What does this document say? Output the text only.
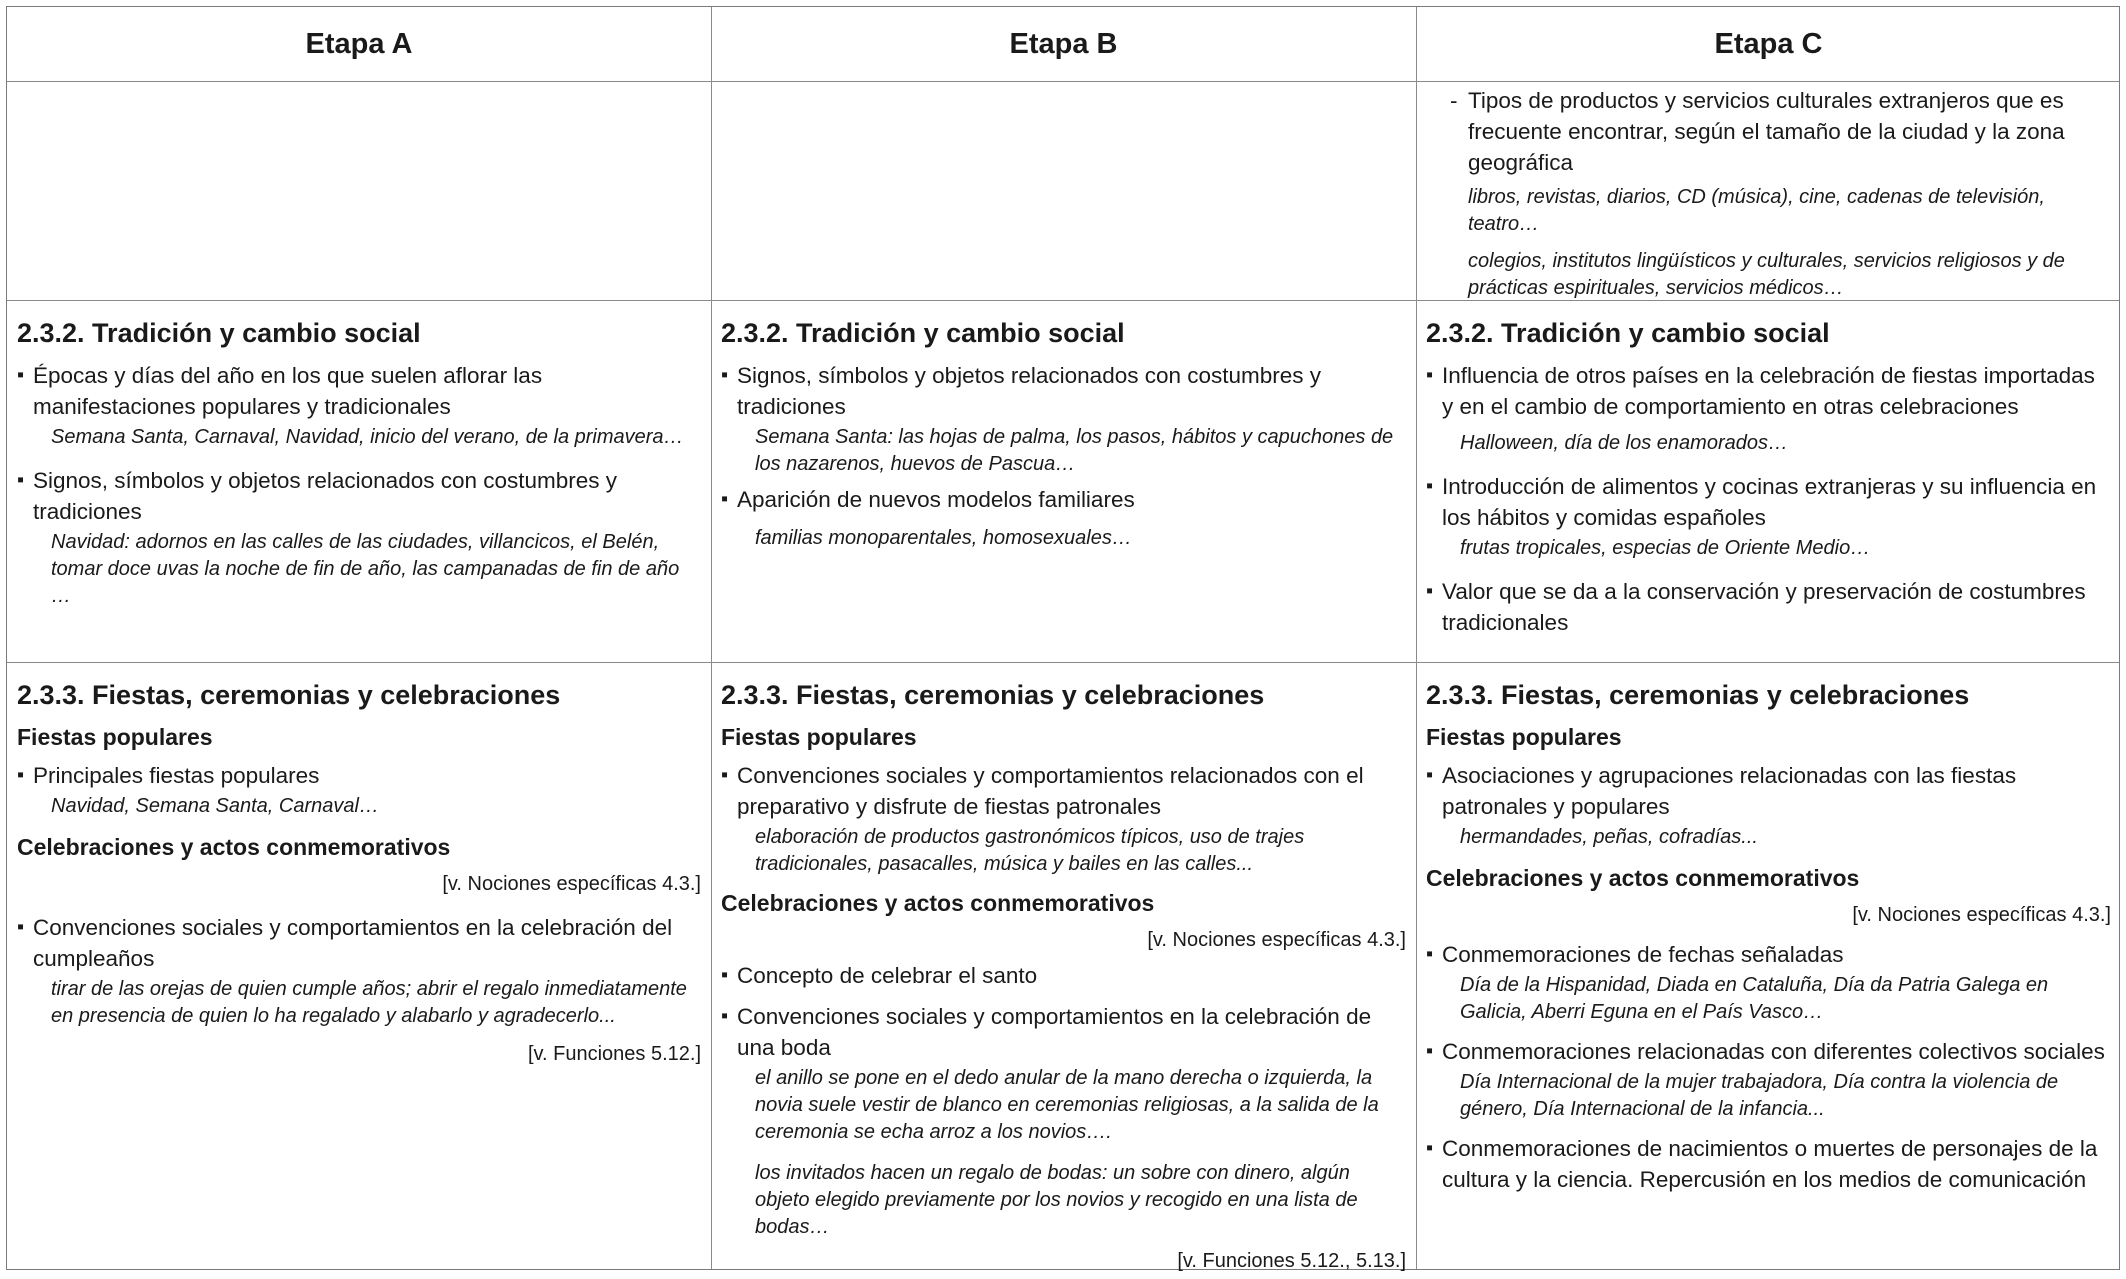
Etapa A	Etapa B	Etapa C
- Tipos de productos y servicios culturales extranjeros que es frecuente encontrar, según el tamaño de la ciudad y la zona geográfica
libros, revistas, diarios, CD (música), cine, cadenas de televisión, teatro…
colegios, institutos lingüísticos y culturales, servicios religiosos y de prácticas espirituales, servicios médicos…
2.3.2. Tradición y cambio social
▪ Épocas y días del año en los que suelen aflorar las manifestaciones populares y tradicionales
Semana Santa, Carnaval, Navidad, inicio del verano, de la primavera…
▪ Signos, símbolos y objetos relacionados con costumbres y tradiciones
Navidad: adornos en las calles de las ciudades, villancicos, el Belén, tomar doce uvas la noche de fin de año, las campanadas de fin de año …
2.3.2. Tradición y cambio social
▪ Signos, símbolos y objetos relacionados con costumbres y tradiciones
Semana Santa: las hojas de palma, los pasos, hábitos y capuchones de los nazarenos, huevos de Pascua…
▪ Aparición de nuevos modelos familiares
familias monoparentales, homosexuales…
2.3.2. Tradición y cambio social
▪ Influencia de otros países en la celebración de fiestas importadas y en el cambio de comportamiento en otras celebraciones
Halloween, día de los enamorados…
▪ Introducción de alimentos y cocinas extranjeras y su influencia en los hábitos y comidas españoles
frutas tropicales, especias de Oriente Medio…
▪ Valor que se da a la conservación y preservación de costumbres tradicionales
2.3.3. Fiestas, ceremonias y celebraciones
Fiestas populares
▪ Principales fiestas populares
Navidad, Semana Santa, Carnaval…
Celebraciones y actos conmemorativos
[v. Nociones específicas 4.3.]
▪ Convenciones sociales y comportamientos en la celebración del cumpleaños
tirar de las orejas de quien cumple años; abrir el regalo inmediatamente en presencia de quien lo ha regalado y alabarlo y agradecerlo...
[v. Funciones 5.12.]
2.3.3. Fiestas, ceremonias y celebraciones
Fiestas populares
▪ Convenciones sociales y comportamientos relacionados con el preparativo y disfrute de fiestas patronales
elaboración de productos gastronómicos típicos, uso de trajes tradicionales, pasacalles, música y bailes en las calles...
Celebraciones y actos conmemorativos
[v. Nociones específicas 4.3.]
▪ Concepto de celebrar el santo
▪ Convenciones sociales y comportamientos en la celebración de una boda
el anillo se pone en el dedo anular de la mano derecha o izquierda, la novia suele vestir de blanco en ceremonias religiosas, a la salida de la ceremonia se echa arroz a los novios….
los invitados hacen un regalo de bodas: un sobre con dinero, algún objeto elegido previamente por los novios y recogido en una lista de bodas…
[v. Funciones 5.12., 5.13.]
2.3.3. Fiestas, ceremonias y celebraciones
Fiestas populares
▪ Asociaciones y agrupaciones relacionadas con las fiestas patronales y populares
hermandades, peñas, cofradías...
Celebraciones y actos conmemorativos
[v. Nociones específicas 4.3.]
▪ Conmemoraciones de fechas señaladas
Día de la Hispanidad, Diada en Cataluña, Día da Patria Galega en Galicia, Aberri Eguna en el País Vasco…
▪ Conmemoraciones relacionadas con diferentes colectivos sociales
Día Internacional de la mujer trabajadora, Día contra la violencia de género, Día Internacional de la infancia...
▪ Conmemoraciones de nacimientos o muertes de personajes de la cultura y la ciencia. Repercusión en los medios de comunicación
